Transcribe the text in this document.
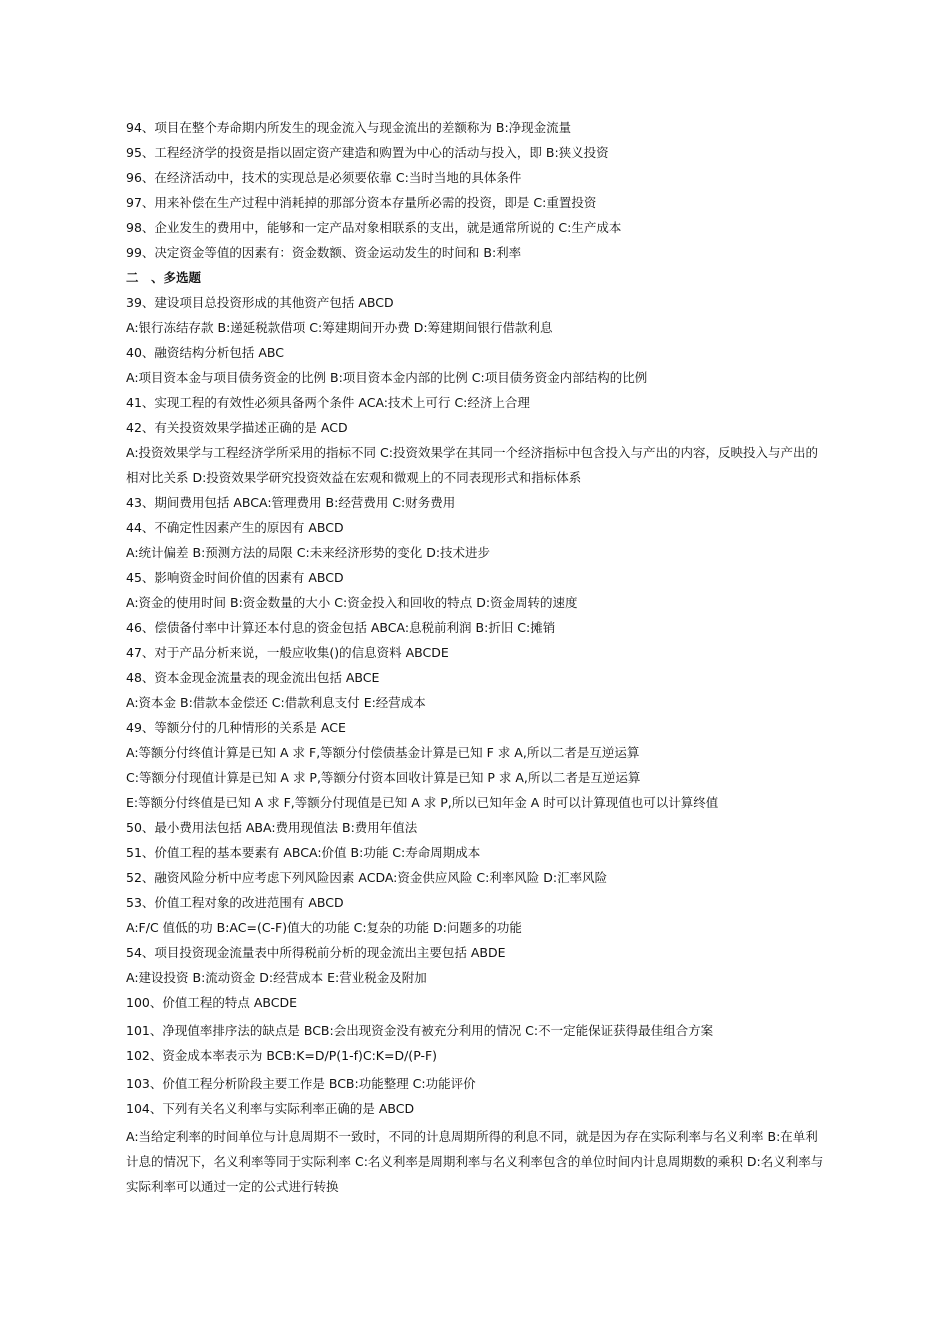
94、项目在整个寿命期内所发生的现金流入与现金流出的差额称为 B:净现金流量
95、工程经济学的投资是指以固定资产建造和购置为中心的活动与投入，即 B:狭义投资
96、在经济活动中，技术的实现总是必须要依靠 C:当时当地的具体条件
97、用来补偿在生产过程中消耗掉的那部分资本存量所必需的投资，即是 C:重置投资
98、企业发生的费用中，能够和一定产品对象相联系的支出，就是通常所说的 C:生产成本
99、决定资金等值的因素有：资金数额、资金运动发生的时间和 B:利率
二　、多选题
39、建设项目总投资形成的其他资产包括 ABCD
A:银行冻结存款 B:递延税款借项 C:筹建期间开办费 D:筹建期间银行借款利息
40、融资结构分析包括 ABC
A:项目资本金与项目债务资金的比例 B:项目资本金内部的比例 C:项目债务资金内部结构的比例
41、实现工程的有效性必须具备两个条件 ACA:技术上可行 C:经济上合理
42、有关投资效果学描述正确的是 ACD
A:投资效果学与工程经济学所采用的指标不同 C:投资效果学在其同一个经济指标中包含投入与产出的内容，反映投入与产出的相对比关系 D:投资效果学研究投资效益在宏观和微观上的不同表现形式和指标体系
43、期间费用包括 ABCA:管理费用 B:经营费用 C:财务费用
44、不确定性因素产生的原因有 ABCD
A:统计偏差 B:预测方法的局限 C:未来经济形势的变化 D:技术进步
45、影响资金时间价值的因素有 ABCD
A:资金的使用时间 B:资金数量的大小 C:资金投入和回收的特点 D:资金周转的速度
46、偿债备付率中计算还本付息的资金包括 ABCA:息税前利润 B:折旧 C:摊销
47、对于产品分析来说，一般应收集()的信息资料 ABCDE
48、资本金现金流量表的现金流出包括 ABCE
A:资本金 B:借款本金偿还 C:借款利息支付 E:经营成本
49、等额分付的几种情形的关系是 ACE
A:等额分付终值计算是已知 A 求 F,等额分付偿债基金计算是已知 F 求 A,所以二者是互逆运算
C:等额分付现值计算是已知 A 求 P,等额分付资本回收计算是已知 P 求 A,所以二者是互逆运算
E:等额分付终值是已知 A 求 F,等额分付现值是已知 A 求 P,所以已知年金 A 时可以计算现值也可以计算终值
50、最小费用法包括 ABA:费用现值法 B:费用年值法
51、价值工程的基本要素有 ABCA:价值 B:功能 C:寿命周期成本
52、融资风险分析中应考虑下列风险因素 ACDA:资金供应风险 C:利率风险 D:汇率风险
53、价值工程对象的改进范围有 ABCD
A:F/C 值低的功 B:AC=(C-F)值大的功能 C:复杂的功能 D:问题多的功能
54、项目投资现金流量表中所得税前分析的现金流出主要包括 ABDE
A:建设投资 B:流动资金 D:经营成本 E:营业税金及附加
100、价值工程的特点 ABCDE
101、净现值率排序法的缺点是 BCB:会出现资金没有被充分利用的情况 C:不一定能保证获得最佳组合方案
102、资金成本率表示为 BCB:K=D/P(1-f)C:K=D/(P-F)
103、价值工程分析阶段主要工作是 BCB:功能整理 C:功能评价
104、下列有关名义利率与实际利率正确的是 ABCD
A:当给定利率的时间单位与计息周期不一致时，不同的计息周期所得的利息不同，就是因为存在实际利率与名义利率 B:在单利计息的情况下，名义利率等同于实际利率 C:名义利率是周期利率与名义利率包含的单位时间内计息周期数的乘积 D:名义利率与实际利率可以通过一定的公式进行转换
